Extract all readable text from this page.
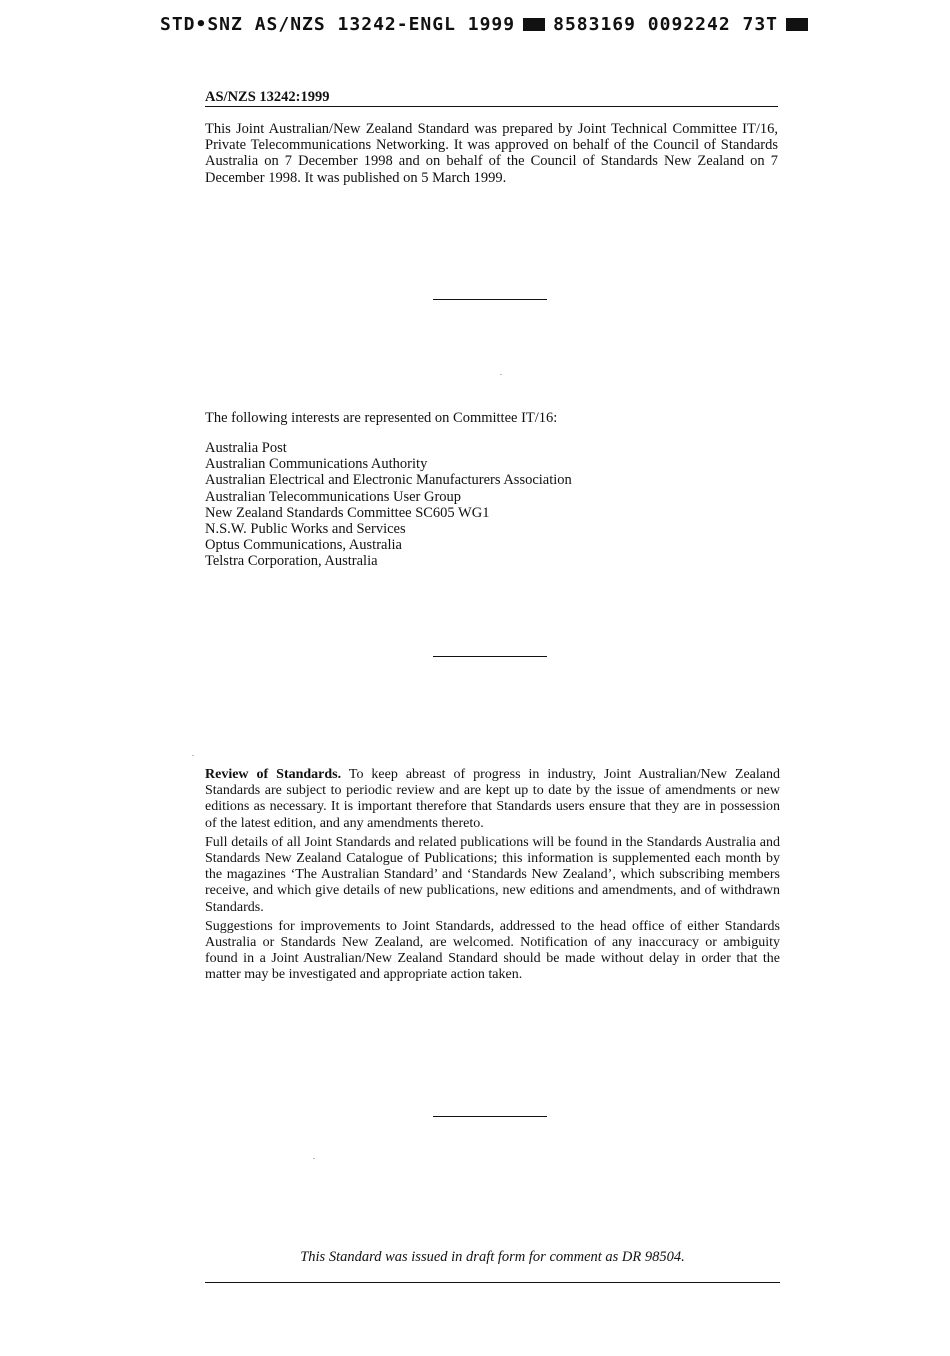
STD•SNZ AS/NZS 13242-ENGL 1999 8583169 0092242 73T
AS/NZS 13242:1999

This Joint Australian/New Zealand Standard was prepared by Joint Technical Committee IT/16, Private Telecommunications Networking. It was approved on behalf of the Council of Standards Australia on 7 December 1998 and on behalf of the Council of Standards New Zealand on 7 December 1998. It was published on 5 March 1999.

The following interests are represented on Committee IT/16:
Australia Post
Australian Communications Authority
Australian Electrical and Electronic Manufacturers Association
Australian Telecommunications User Group
New Zealand Standards Committee SC605 WG1
N.S.W. Public Works and Services
Optus Communications, Australia
Telstra Corporation, Australia

Review of Standards. To keep abreast of progress in industry, Joint Australian/New Zealand Standards are subject to periodic review and are kept up to date by the issue of amendments or new editions as necessary. It is important therefore that Standards users ensure that they are in possession of the latest edition, and any amendments thereto.

Full details of all Joint Standards and related publications will be found in the Standards Australia and Standards New Zealand Catalogue of Publications; this information is supplemented each month by the magazines ‘The Australian Standard’ and ‘Standards New Zealand’, which subscribing members receive, and which give details of new publications, new editions and amendments, and of withdrawn Standards.

Suggestions for improvements to Joint Standards, addressed to the head office of either Standards Australia or Standards New Zealand, are welcomed. Notification of any inaccuracy or ambiguity found in a Joint Australian/New Zealand Standard should be made without delay in order that the matter may be investigated and appropriate action taken.

This Standard was issued in draft form for comment as DR 98504.
